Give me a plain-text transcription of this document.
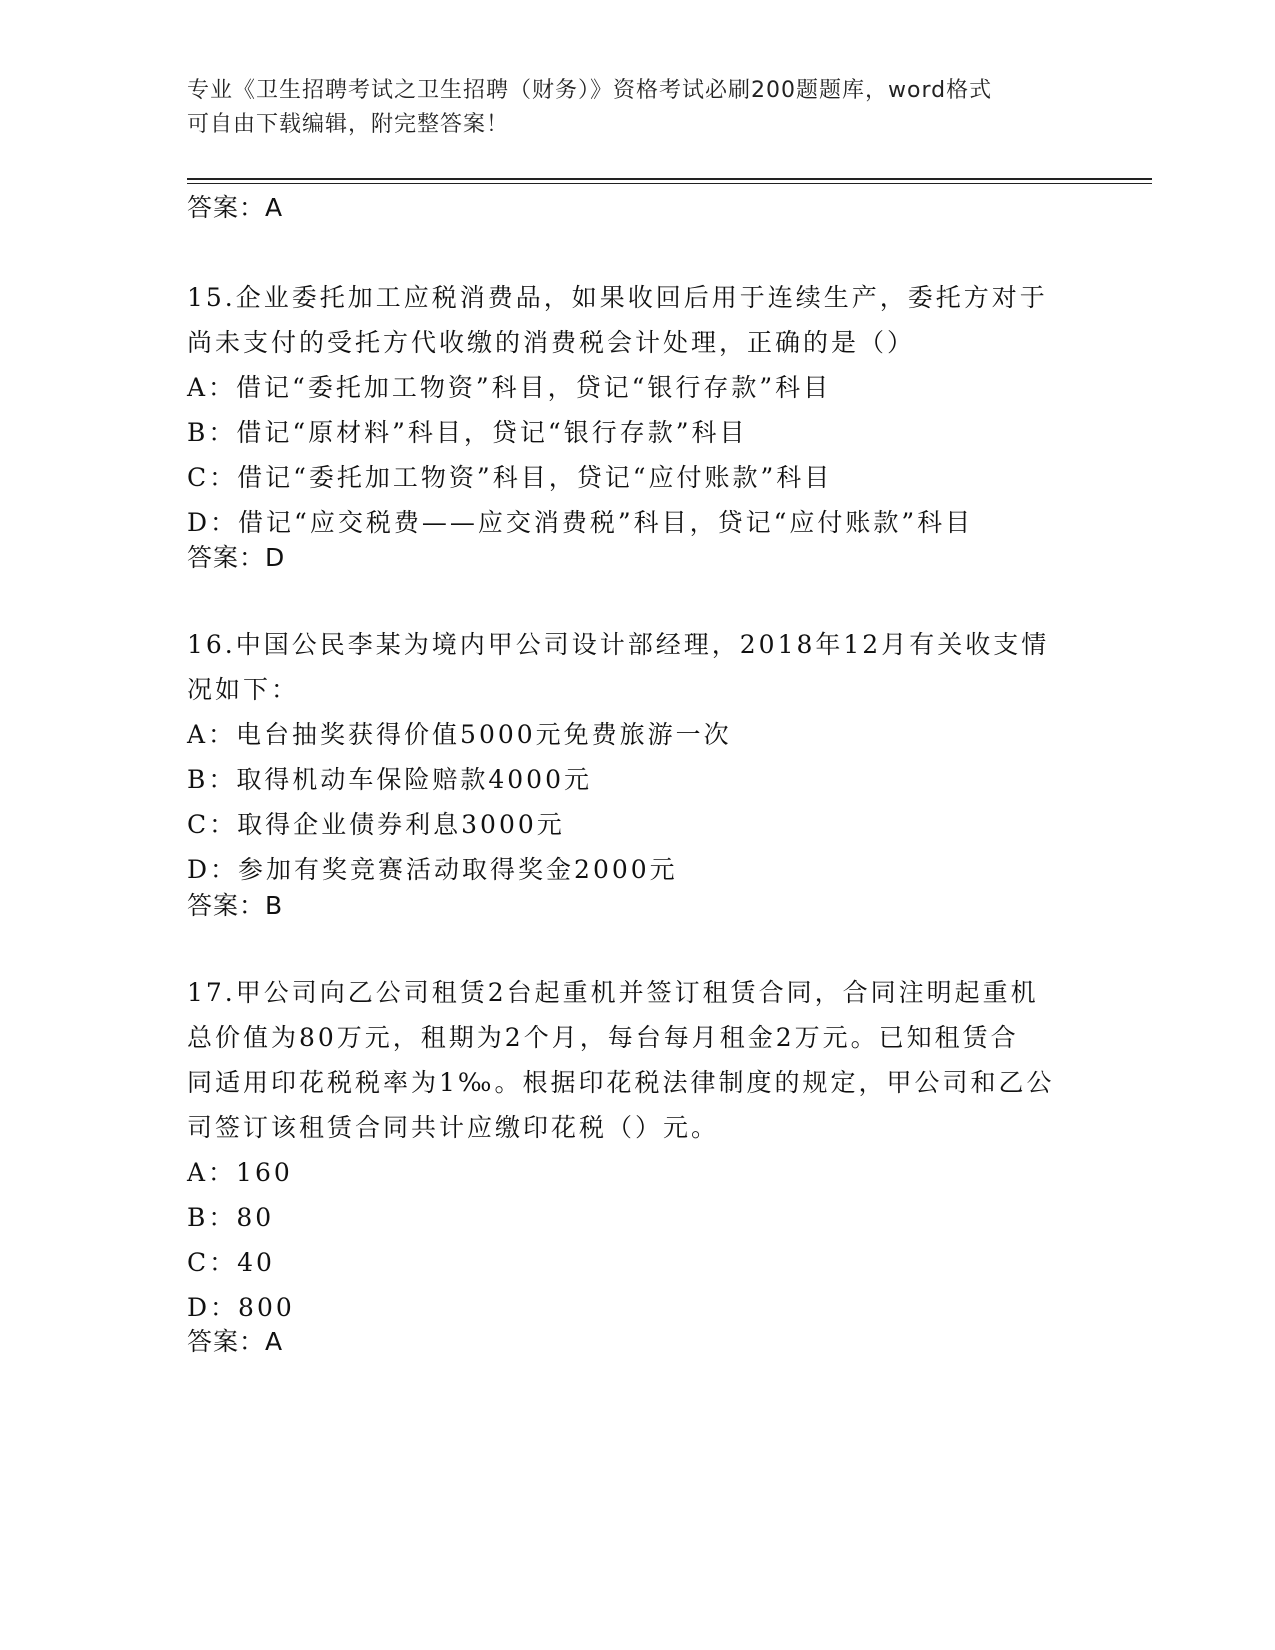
专业《卫生招聘考试之卫生招聘（财务）》资格考试必刷200题题库，word格式
可自由下载编辑，附完整答案！
答案：A
15.企业委托加工应税消费品，如果收回后用于连续生产，委托方对于
尚未支付的受托方代收缴的消费税会计处理，正确的是（）
A：借记“委托加工物资”科目，贷记“银行存款”科目
B：借记“原材料”科目，贷记“银行存款”科目
C：借记“委托加工物资”科目，贷记“应付账款”科目
D：借记“应交税费——应交消费税”科目，贷记“应付账款”科目
答案：D
16.中国公民李某为境内甲公司设计部经理，2018年12月有关收支情
况如下：
A：电台抽奖获得价值5000元免费旅游一次
B：取得机动车保险赔款4000元
C：取得企业债券利息3000元
D：参加有奖竞赛活动取得奖金2000元
答案：B
17.甲公司向乙公司租赁2台起重机并签订租赁合同，合同注明起重机
总价值为80万元，租期为2个月，每台每月租金2万元。已知租赁合
同适用印花税税率为1‰。根据印花税法律制度的规定，甲公司和乙公
司签订该租赁合同共计应缴印花税（）元。
A：160
B：80
C：40
D：800
答案：A
